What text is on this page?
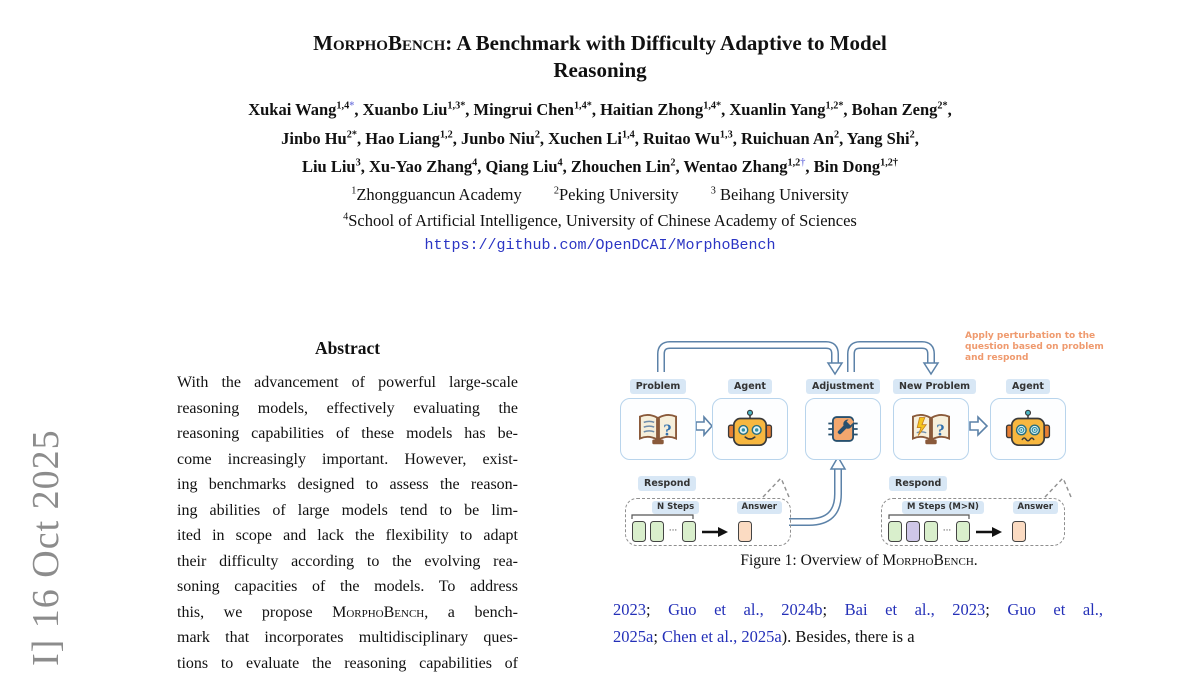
I] 16 Oct 2025
MorphoBench: A Benchmark with Difficulty Adaptive to Model
Reasoning
Xukai Wang$^{1,4*}$, Xuanbo Liu$^{1,3*}$, Mingrui Chen$^{1,4*}$, Haitian Zhong$^{1,4*}$, Xuanlin Yang$^{1,2*}$, Bohan Zeng$^{2*}$,
Jinbo $Hu^{2*}$, Hao Liang$^{1,2}$, Junbo Niu$^2$, Xuchen Li$^{1,4}$, Ruitao Wu$^{1,3}$, Ruichuan An$^2$, Yang Shi$^2$,
Liu Liu$^3$, Xu-Yao Zhang$^4$, Qiang Liu$^4$, Zhouchen Lin$^2$, Wentao Zhang$^{1,2\dagger}$, Bin Dong$^{1,2\dagger}$
$^1$Zhongguancun Academy	$^2$Peking University	$^3$ Beihang University
$^4$School of Artificial Intelligence, University of Chinese Academy of Sciences
https://github.com/OpenDCAI/MorphoBench
Abstract
With the advancement of powerful large-scale
reasoning models, effectively evaluating the
reasoning capabilities of these models has be-
come increasingly important. However, exist-
ing benchmarks designed to assess the reason-
ing abilities of large models tend to be lim-
ited in scope and lack the flexibility to adapt
their difficulty according to the evolving rea-
soning capacities of the models. To address
this, we propose MorphoBench, a bench-
mark that incorporates multidisciplinary ques-
tions to evaluate the reasoning capabilities of
Apply perturbation to the
question based on problem
and respond
Problem
?
Agent	Adjustment	New Problem
?
Agent
Respond	Respond
N Steps	Answer
···
M Steps (M>N)	Answer
···
Figure 1: Overview of MorphoBench.
2023; Guo et al., 2024b; Bai et al., 2023; Guo et al.,
2025a; Chen et al., 2025a). Besides, there is a
